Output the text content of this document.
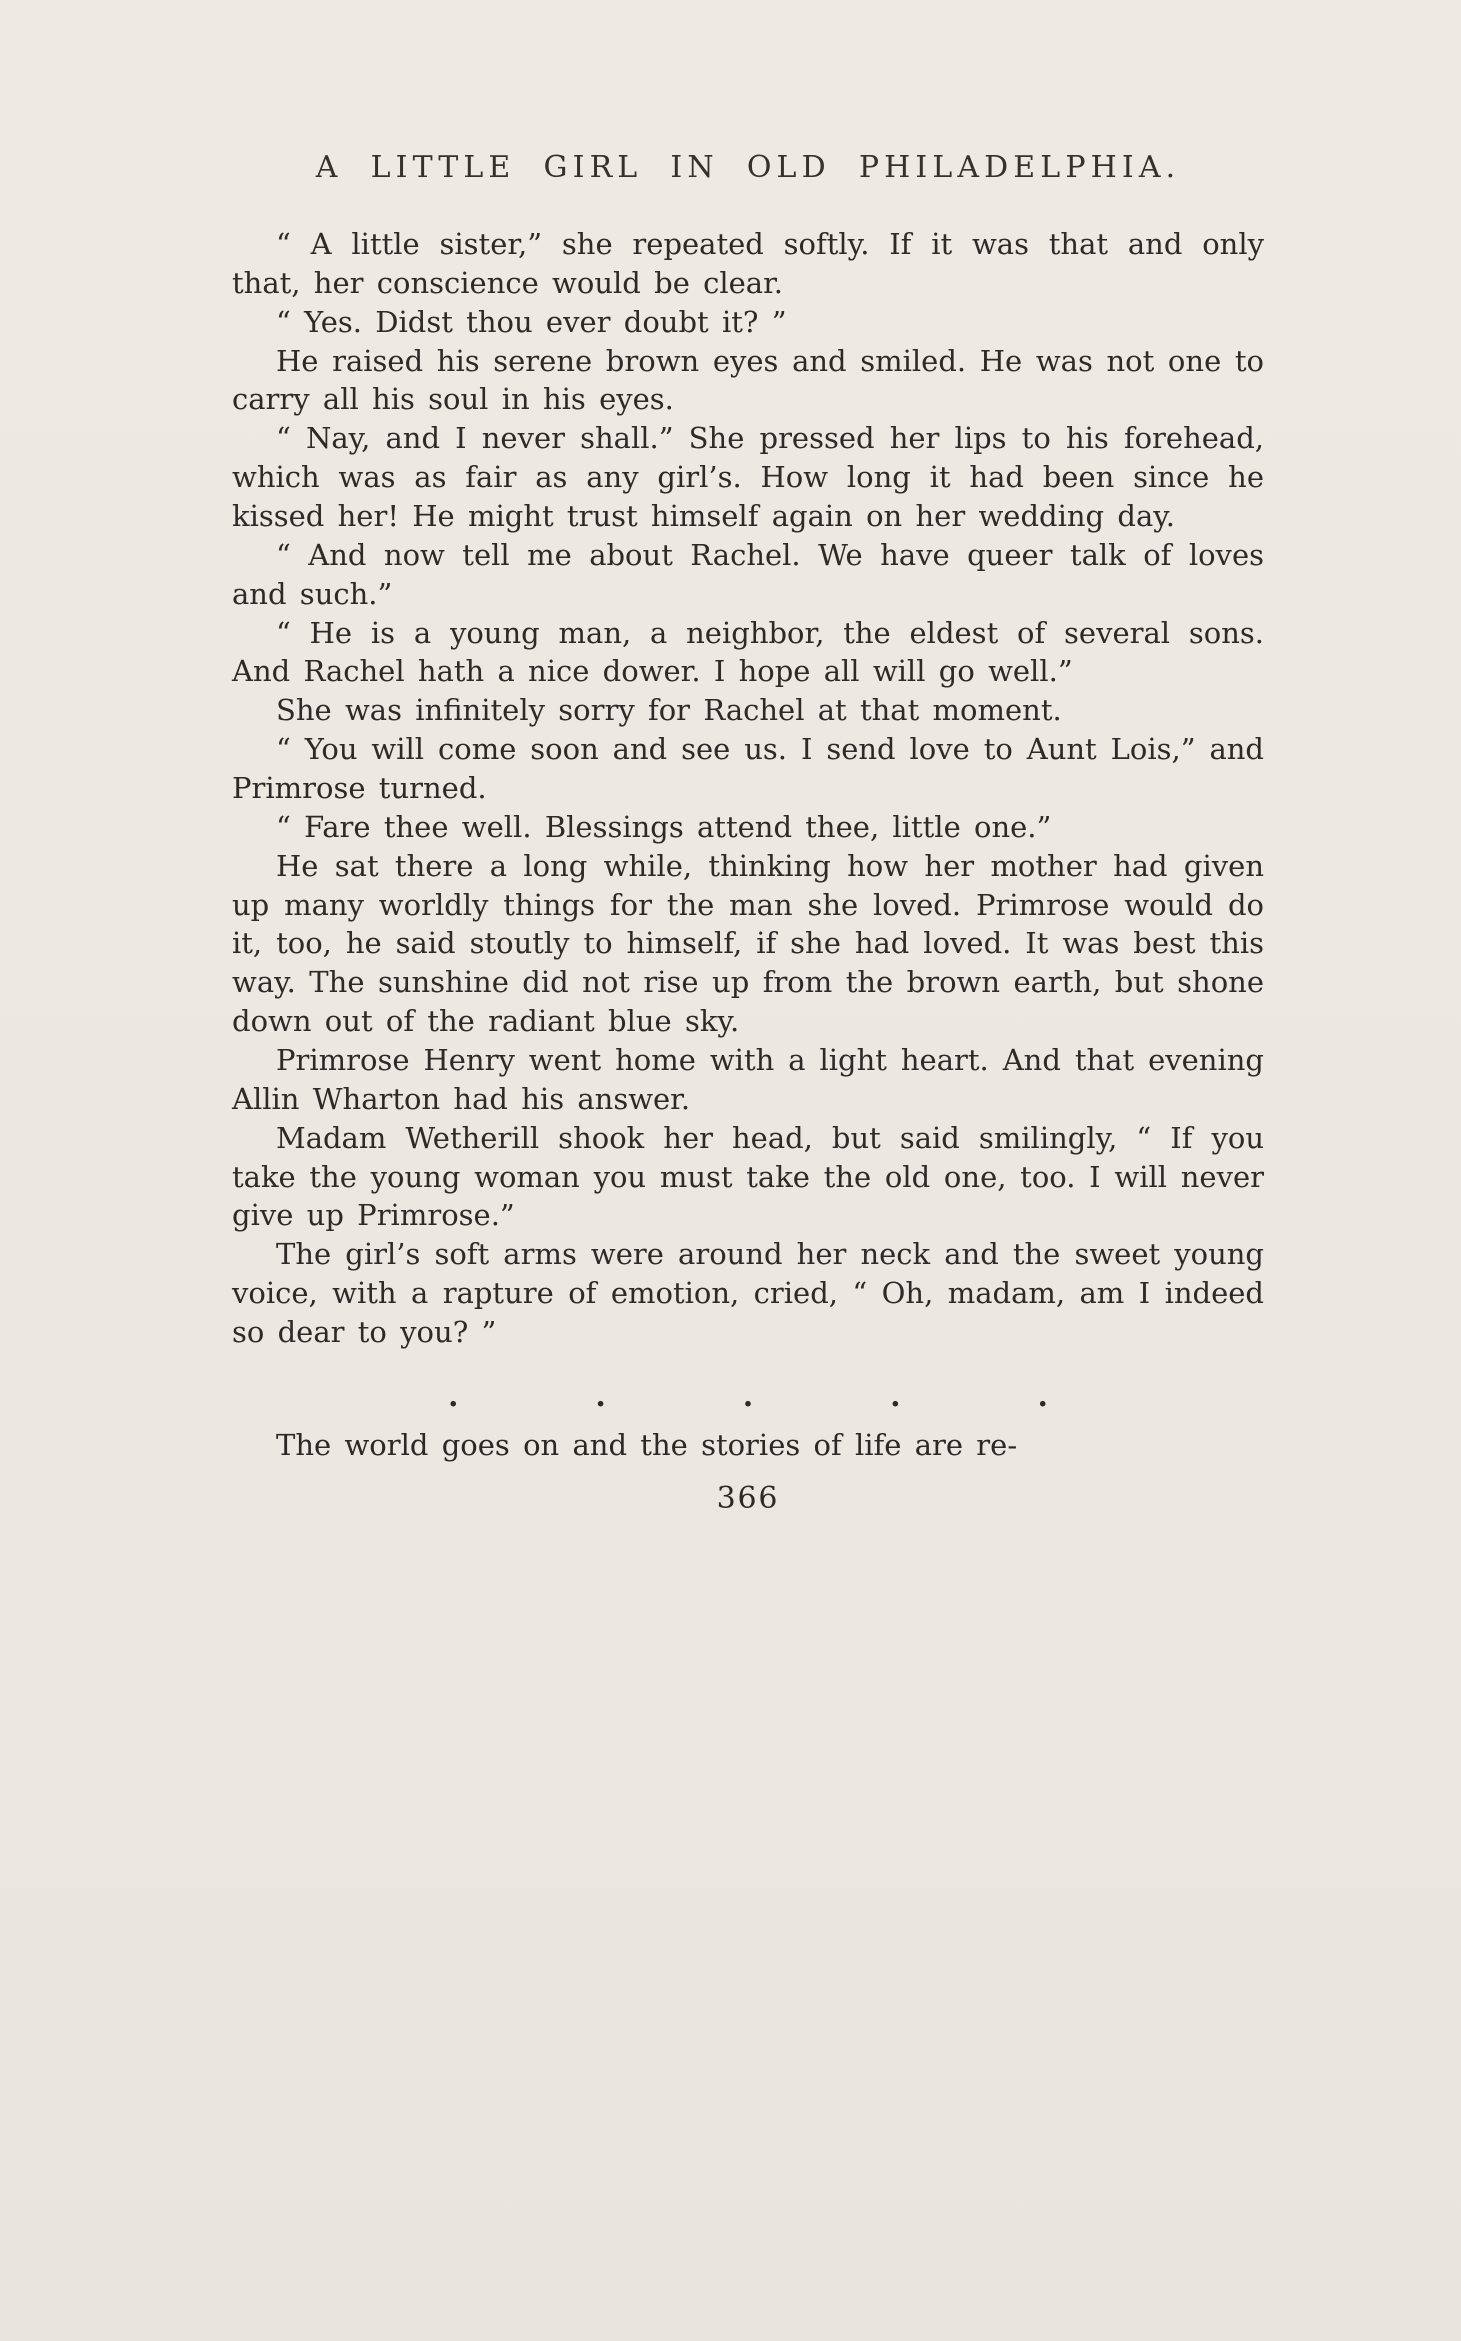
A LITTLE GIRL IN OLD PHILADELPHIA.

“ A little sister,” she repeated softly. If it was that and only that, her conscience would be clear.

“ Yes. Didst thou ever doubt it? ”

He raised his serene brown eyes and smiled. He was not one to carry all his soul in his eyes.

“ Nay, and I never shall.” She pressed her lips to his forehead, which was as fair as any girl’s. How long it had been since he kissed her! He might trust himself again on her wedding day.

“ And now tell me about Rachel. We have queer talk of loves and such.”

“ He is a young man, a neighbor, the eldest of several sons. And Rachel hath a nice dower. I hope all will go well.”

She was infinitely sorry for Rachel at that moment.

“ You will come soon and see us. I send love to Aunt Lois,” and Primrose turned.

“ Fare thee well. Blessings attend thee, little one.”

He sat there a long while, thinking how her mother had given up many worldly things for the man she loved. Primrose would do it, too, he said stoutly to himself, if she had loved. It was best this way. The sunshine did not rise up from the brown earth, but shone down out of the radiant blue sky.

Primrose Henry went home with a light heart. And that evening Allin Wharton had his answer.

Madam Wetherill shook her head, but said smilingly, “ If you take the young woman you must take the old one, too. I will never give up Primrose.”

The girl’s soft arms were around her neck and the sweet young voice, with a rapture of emotion, cried, “ Oh, madam, am I indeed so dear to you? ”

.	.	.	.	.

The world goes on and the stories of life are re-

366
